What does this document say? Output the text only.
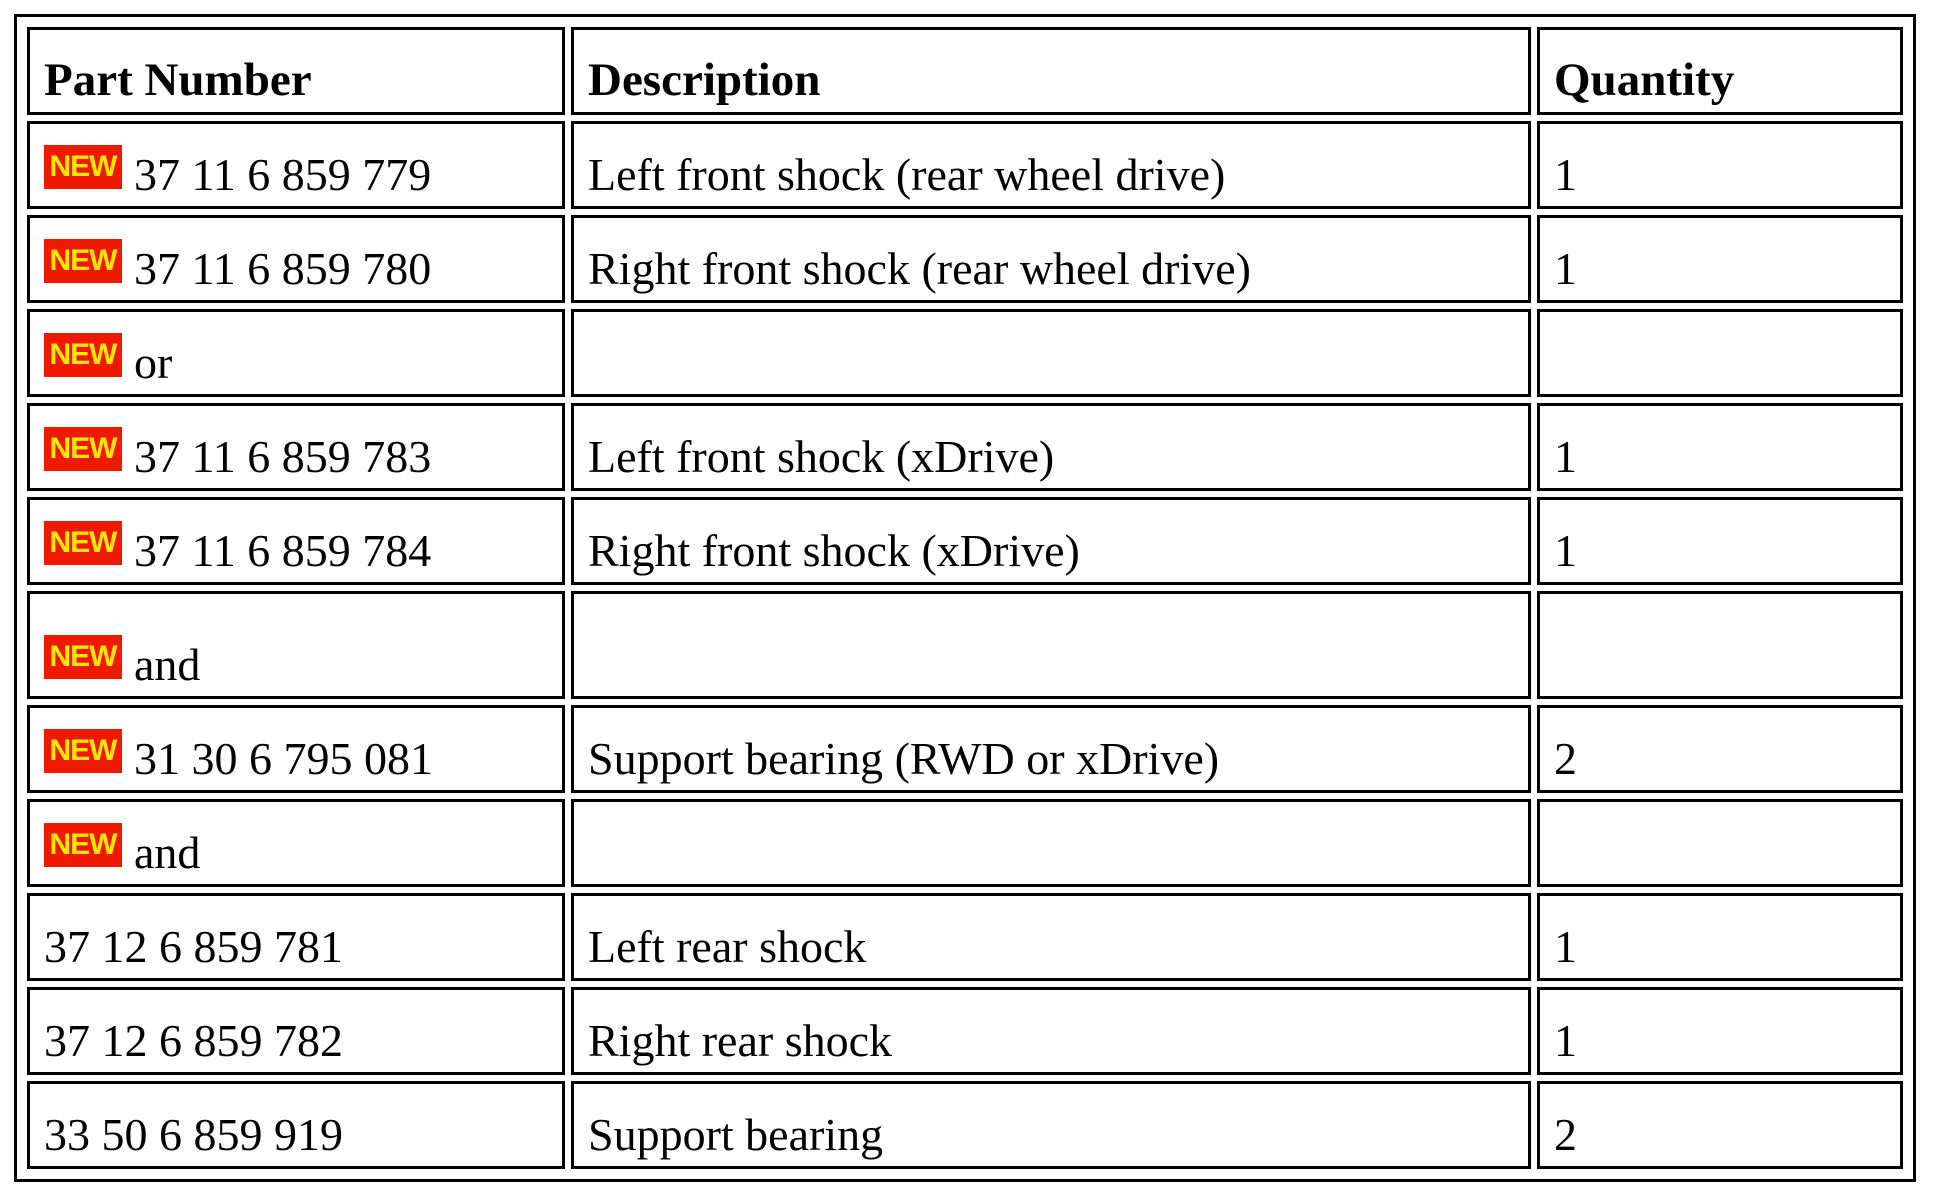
Part Number	Description	Quantity
NEW 37 11 6 859 779	Left front shock (rear wheel drive)	1
NEW 37 11 6 859 780	Right front shock (rear wheel drive)	1
NEW or		
NEW 37 11 6 859 783	Left front shock (xDrive)	1
NEW 37 11 6 859 784	Right front shock (xDrive)	1
NEW and		
NEW 31 30 6 795 081	Support bearing (RWD or xDrive)	2
NEW and		
37 12 6 859 781	Left rear shock	1
37 12 6 859 782	Right rear shock	1
33 50 6 859 919	Support bearing	2
